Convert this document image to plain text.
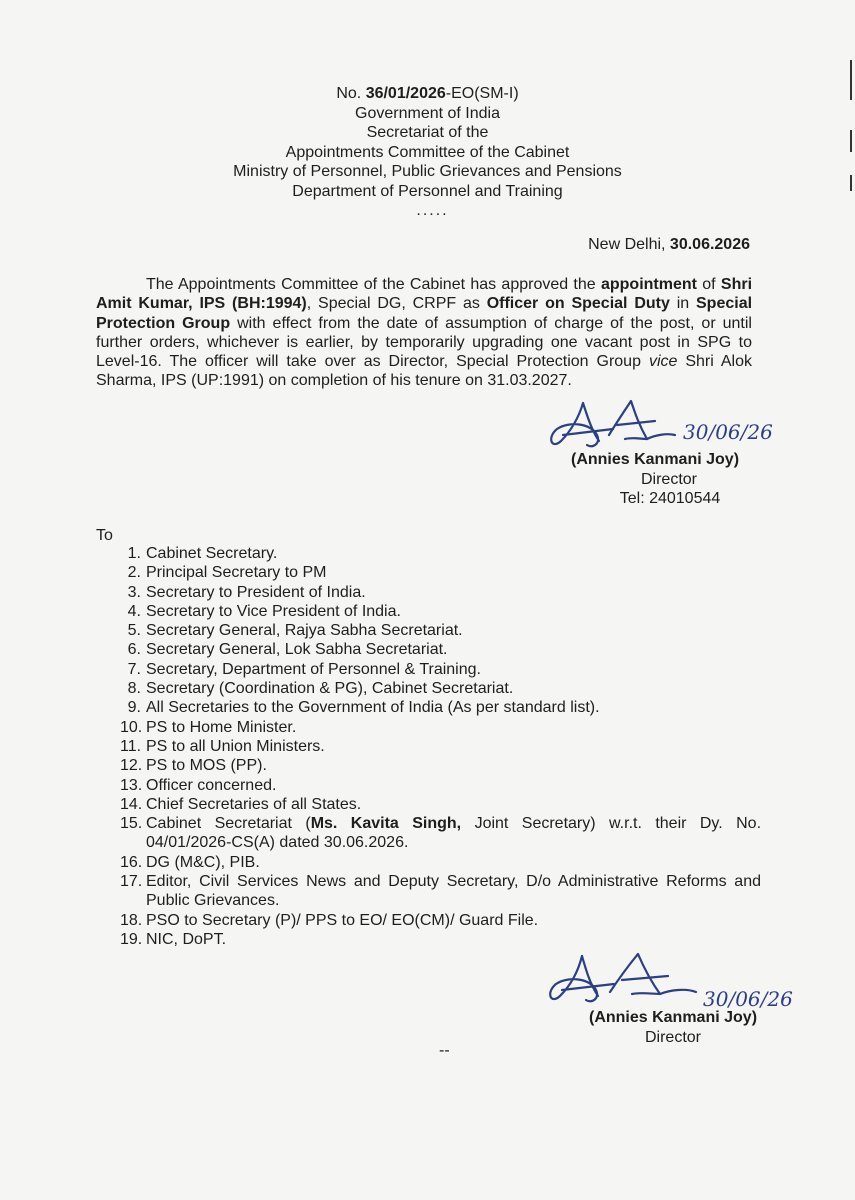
No. 36/01/2026-EO(SM-I)
Government of India
Secretariat of the
Appointments Committee of the Cabinet
Ministry of Personnel, Public Grievances and Pensions
Department of Personnel and Training
.....
New Delhi, 30.06.2026
The Appointments Committee of the Cabinet has approved the appointment of Shri Amit Kumar, IPS (BH:1994), Special DG, CRPF as Officer on Special Duty in Special Protection Group with effect from the date of assumption of charge of the post, or until further orders, whichever is earlier, by temporarily upgrading one vacant post in SPG to Level-16. The officer will take over as Director, Special Protection Group vice Shri Alok Sharma, IPS (UP:1991) on completion of his tenure on 31.03.2027.
30/06/26
(Annies Kanmani Joy)
Director
Tel: 24010544
To
1. Cabinet Secretary.
2. Principal Secretary to PM
3. Secretary to President of India.
4. Secretary to Vice President of India.
5. Secretary General, Rajya Sabha Secretariat.
6. Secretary General, Lok Sabha Secretariat.
7. Secretary, Department of Personnel & Training.
8. Secretary (Coordination & PG), Cabinet Secretariat.
9. All Secretaries to the Government of India (As per standard list).
10. PS to Home Minister.
11. PS to all Union Ministers.
12. PS to MOS (PP).
13. Officer concerned.
14. Chief Secretaries of all States.
15. Cabinet Secretariat (Ms. Kavita Singh, Joint Secretary) w.r.t. their Dy. No. 04/01/2026-CS(A) dated 30.06.2026.
16. DG (M&C), PIB.
17. Editor, Civil Services News and Deputy Secretary, D/o Administrative Reforms and Public Grievances.
18. PSO to Secretary (P)/ PPS to EO/ EO(CM)/ Guard File.
19. NIC, DoPT.
30/06/26
(Annies Kanmani Joy)
Director
--
